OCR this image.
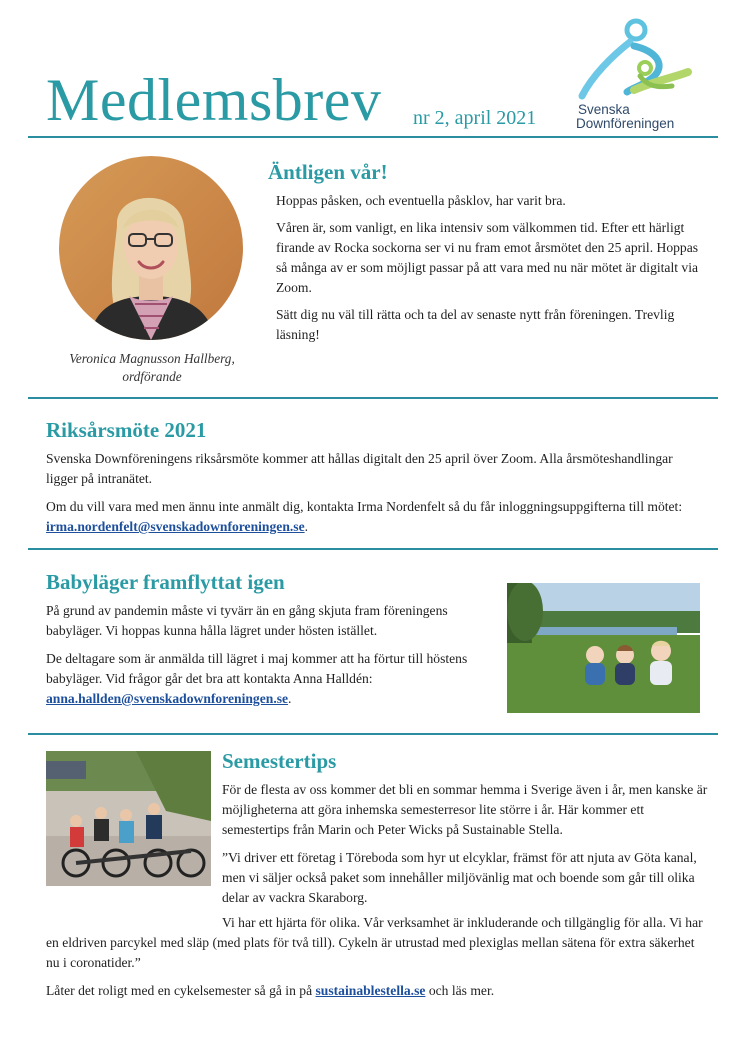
Medlemsbrev nr 2, april 2021	Svenska
Downföreningen
Veronica Magnusson Hallberg,
ordförande
Äntligen vår!

Hoppas påsken, och eventuella påsklov, har varit bra.

Våren är, som vanligt, en lika intensiv som välkommen tid. Efter ett härligt firande av Rocka sockorna ser vi nu fram emot årsmötet den 25 april. Hoppas så många av er som möjligt passar på att vara med nu när mötet är digitalt via Zoom.

Sätt dig nu väl till rätta och ta del av senaste nytt från föreningen. Trevlig läsning!

Riksårsmöte 2021

Svenska Downföreningens riksårsmöte kommer att hållas digitalt den 25 april över Zoom. Alla årsmöteshandlingar ligger på intranätet.

Om du vill vara med men ännu inte anmält dig, kontakta Irma Nordenfelt så du får inloggningsuppgifterna till mötet: irma.nordenfelt@svenskadownforeningen.se.

Babyläger framflyttat igen

På grund av pandemin måste vi tyvärr än en gång skjuta fram föreningens babyläger. Vi hoppas kunna hålla lägret under hösten istället.

De deltagare som är anmälda till lägret i maj kommer att ha förtur till höstens babyläger. Vid frågor går det bra att kontakta Anna Halldén:
anna.hallden@svenskadownforeningen.se.

Semestertips

För de flesta av oss kommer det bli en sommar hemma i Sverige även i år, men kanske är möjligheterna att göra inhemska semesterresor lite större i år. Här kommer ett semestertips från Marin och Peter Wicks på Sustainable Stella.

”Vi driver ett företag i Töreboda som hyr ut elcyklar, främst för att njuta av Göta kanal, men vi säljer också paket som innehåller miljövänlig mat och boende som går till olika delar av vackra Skaraborg.

Vi har ett hjärta för olika. Vår verksamhet är inkluderande och tillgänglig för alla. Vi har en eldriven parcykel med släp (med plats för två till). Cykeln är utrustad med plexiglas mellan sätena för extra säkerhet nu i coronatider.”

Låter det roligt med en cykelsemester så gå in på sustainablestella.se och läs mer.
